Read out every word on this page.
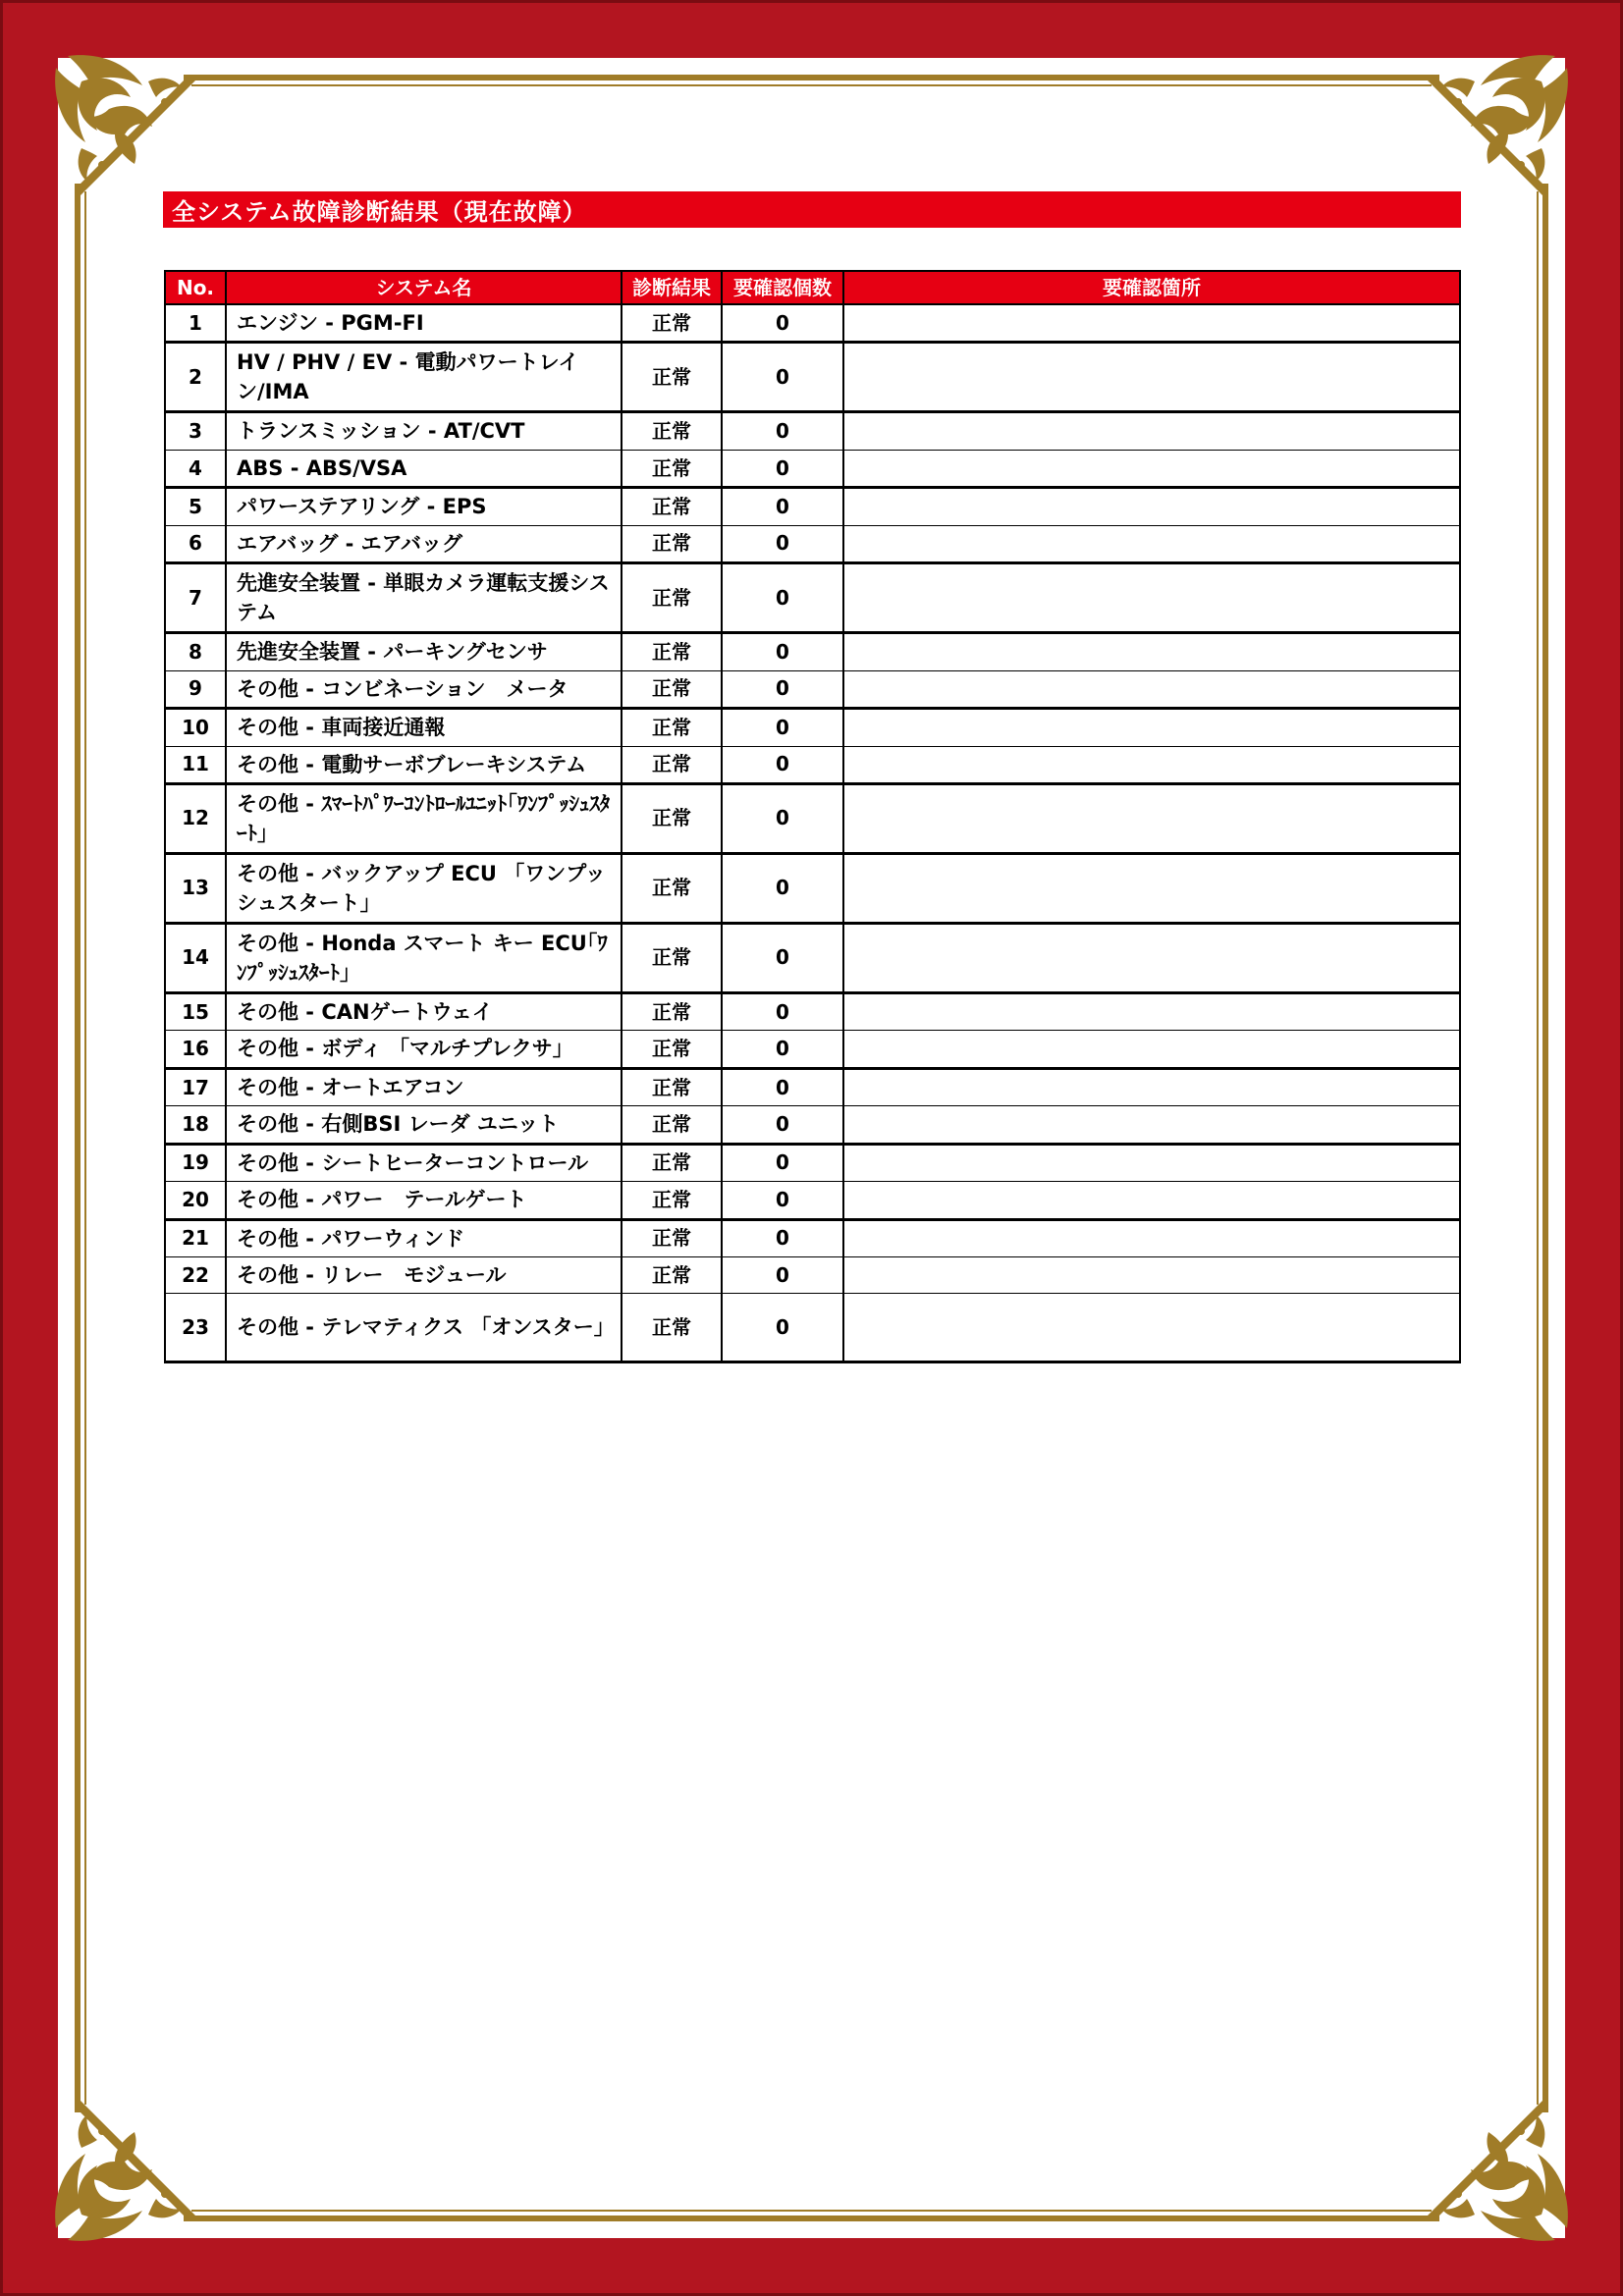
全システム故障診断結果（現在故障）
No.	システム名	診断結果 要確認個数	要確認箇所
1 エンジン - PGM-FI	正常	0
2
HV / PHV / EV - 電動パワートレイン/IMA
正常	0
3 トランスミッション - AT/CVT	正常	0
4 ABS - ABS/VSA	正常	0
5 パワーステアリング - EPS	正常	0
6 エアバッグ - エアバッグ	正常	0
7
先進安全装置 - 単眼カメラ運転支援システム
正常	0
8 先進安全装置 - パーキングセンサ	正常	0
9 その他 - コンビネーション　メータ	正常	0
10 その他 - 車両接近通報	正常	0
11 その他 - 電動サーボブレーキシステム	正常	0
12
その他 - ｽﾏｰﾄﾊﾟﾜｰｺﾝﾄﾛｰﾙﾕﾆｯﾄ｢ﾜﾝﾌﾟｯｼｭｽﾀｰﾄ｣
正常	0
13
その他 - バックアップ ECU 「ワンプッシュスタート」
正常	0
14
その他 - Honda スマート キー ECU｢ﾜﾝﾌﾟｯｼｭｽﾀｰﾄ｣
正常	0
15 その他 - CANゲートウェイ	正常	0
16 その他 - ボディ 「マルチプレクサ」	正常	0
17 その他 - オートエアコン	正常	0
18 その他 - 右側BSI レーダ ユニット	正常	0
19 その他 - シートヒーターコントロール	正常	0
20 その他 - パワー　テールゲート	正常	0
21 その他 - パワーウィンド	正常	0
22 その他 - リレー　モジュール	正常	0
23 その他 - テレマティクス 「オンスター」 正常	0
